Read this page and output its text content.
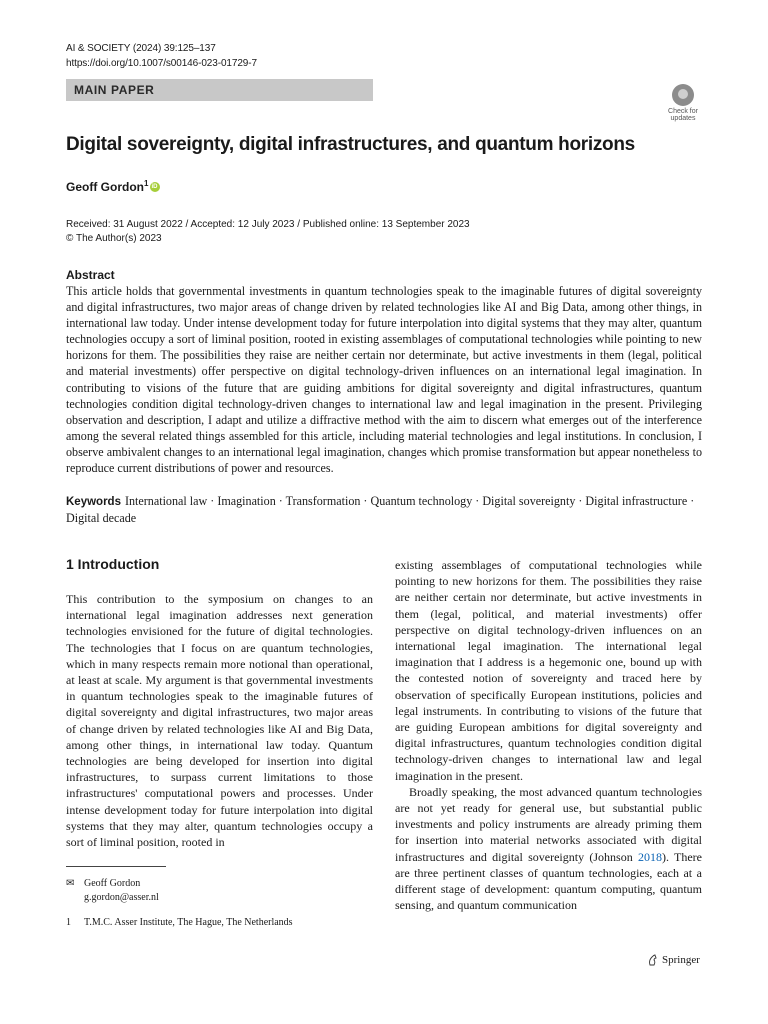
AI & SOCIETY (2024) 39:125–137
https://doi.org/10.1007/s00146-023-01729-7
MAIN PAPER
Check for
updates
Digital sovereignty, digital infrastructures, and quantum horizons
Geoff Gordon$^1$iD
Received: 31 August 2022 / Accepted: 12 July 2023 / Published online: 13 September 2023
© The Author(s) 2023
Abstract
This article holds that governmental investments in quantum technologies speak to the imaginable futures of digital sovereignty and digital infrastructures, two major areas of change driven by related technologies like AI and Big Data, among other things, in international law today. Under intense development today for future interpolation into digital systems that they may alter, quantum technologies occupy a sort of liminal position, rooted in existing assemblages of computational technologies while pointing to new horizons for them. The possibilities they raise are neither certain nor determinate, but active investments in them (legal, political and material investments) offer perspective on digital technology-driven influences on an international legal imagination. In contributing to visions of the future that are guiding ambitions for digital sovereignty and digital infrastructures, quantum technologies condition digital technology-driven changes to international law and legal imagination in the present. Privileging observation and description, I adapt and utilize a diffractive method with the aim to discern what emerges out of the interference among the several related things assembled for this article, including material technologies and legal institutions. In conclusion, I observe ambivalent changes to an international legal imagination, changes which promise transformation but appear nonetheless to reproduce current distributions of power and resources.
Keywords International law · Imagination · Transformation · Quantum technology · Digital sovereignty · Digital infrastructure · Digital decade
1 Introduction

This contribution to the symposium on changes to an international legal imagination addresses next generation technologies envisioned for the future of digital technologies. The technologies that I focus on are quantum technologies, which in many respects remain more notional than operational, at least at scale. My argument is that governmental investments in quantum technologies speak to the imaginable futures of digital sovereignty and digital infrastructures, two major areas of change driven by related technologies like AI and Big Data, among other things, in international law today. Quantum technologies are being developed for insertion into digital infrastructures, to surpass current limitations to those infrastructures' computational powers and processes. Under intense development today for future interpolation into digital systems that they may alter, quantum technologies occupy a sort of liminal position, rooted in

existing assemblages of computational technologies while pointing to new horizons for them. The possibilities they raise are neither certain nor determinate, but active investments in them (legal, political, and material investments) offer perspective on digital technology-driven influences on an international legal imagination. The international legal imagination that I address is a hegemonic one, bound up with the contested notion of sovereignty and traced here by observation of specifically European institutions, policies and legal instruments. In contributing to visions of the future that are guiding European ambitions for digital sovereignty and digital infrastructures, quantum technologies condition digital technology-driven changes to international law and legal imagination in the present.

Broadly speaking, the most advanced quantum technologies are not yet ready for general use, but substantial public investments and policy instruments are already priming them for insertion into material networks associated with digital infrastructures and digital sovereignty (Johnson 2018). There are three pertinent classes of quantum technologies, each at a different stage of development: quantum computing, quantum sensing, and quantum communication

✉ Geoff Gordon
g.gordon@asser.nl
1 T.M.C. Asser Institute, The Hague, The Netherlands
Springer
